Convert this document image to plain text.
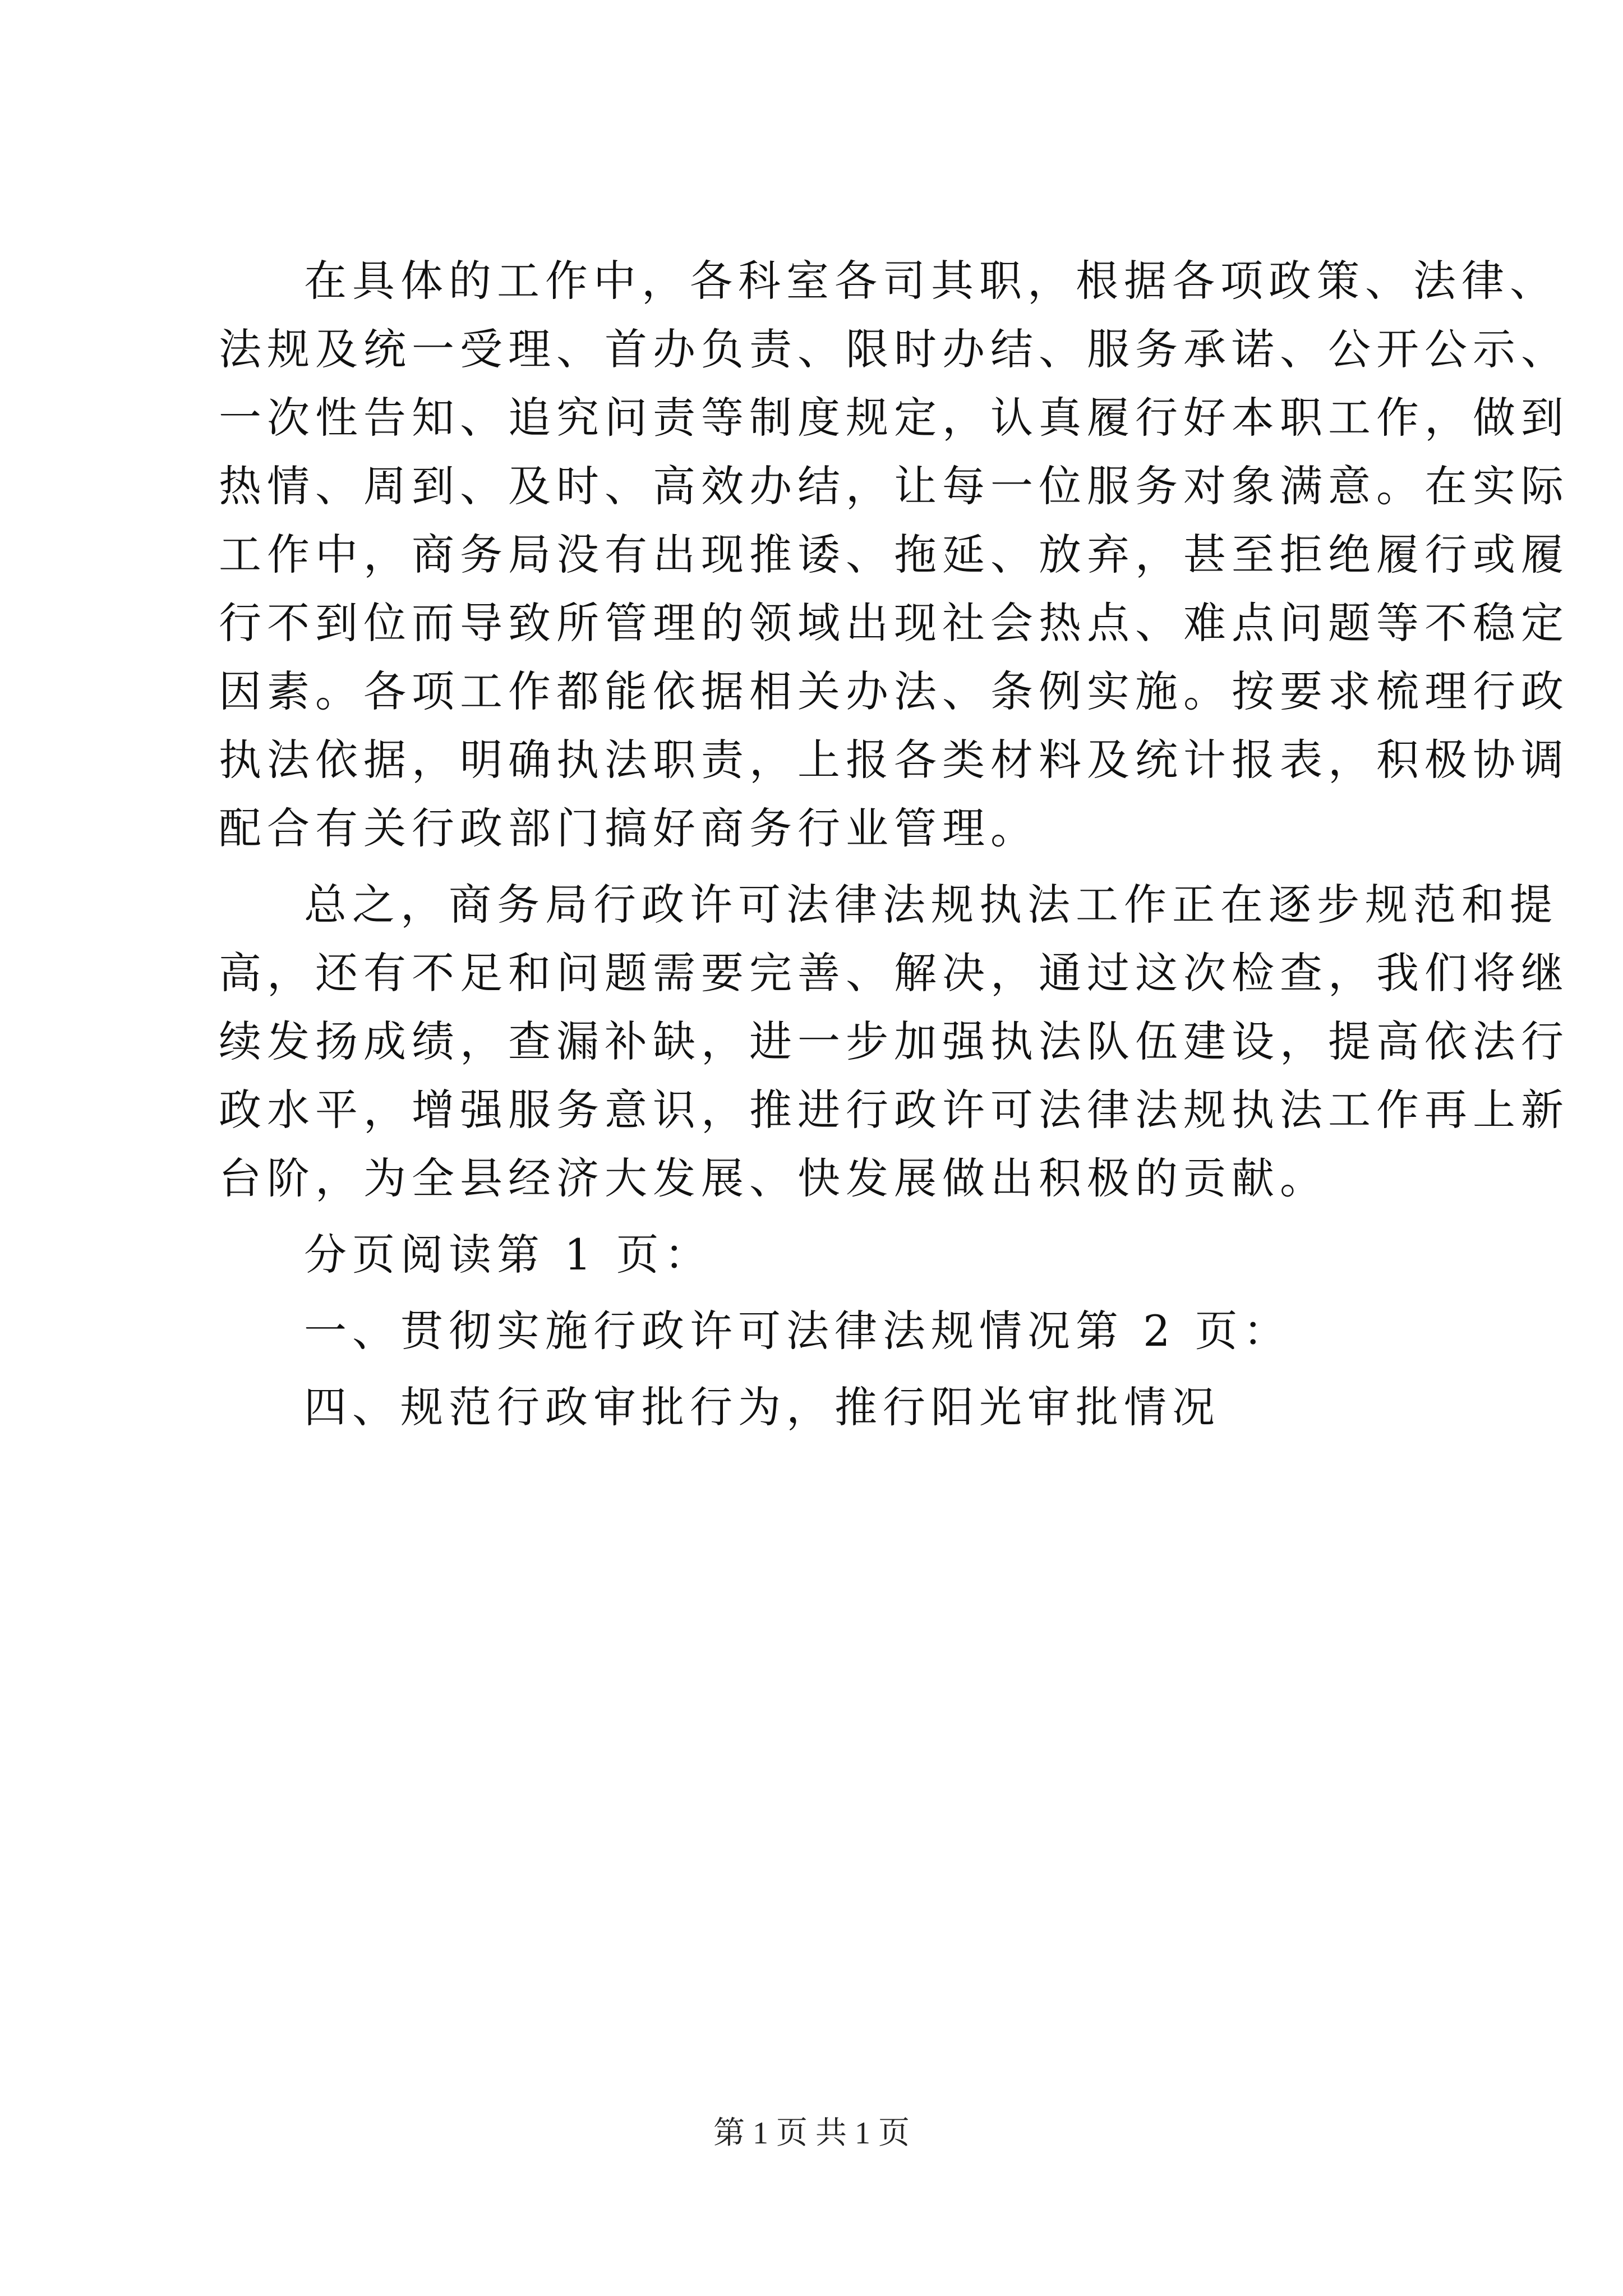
在具体的工作中，各科室各司其职，根据各项政策、法律、
法规及统一受理、首办负责、限时办结、服务承诺、公开公示、
一次性告知、追究问责等制度规定，认真履行好本职工作，做到
热情、周到、及时、高效办结，让每一位服务对象满意。在实际
工作中，商务局没有出现推诿、拖延、放弃，甚至拒绝履行或履
行不到位而导致所管理的领域出现社会热点、难点问题等不稳定
因素。各项工作都能依据相关办法、条例实施。按要求梳理行政
执法依据，明确执法职责，上报各类材料及统计报表，积极协调
配合有关行政部门搞好商务行业管理。
总之，商务局行政许可法律法规执法工作正在逐步规范和提
高，还有不足和问题需要完善、解决，通过这次检查，我们将继
续发扬成绩，查漏补缺，进一步加强执法队伍建设，提高依法行
政水平，增强服务意识，推进行政许可法律法规执法工作再上新
台阶，为全县经济大发展、快发展做出积极的贡献。
分页阅读第 1 页：
一、贯彻实施行政许可法律法规情况第 2 页：
四、规范行政审批行为，推行阳光审批情况
第 1 页 共 1 页
